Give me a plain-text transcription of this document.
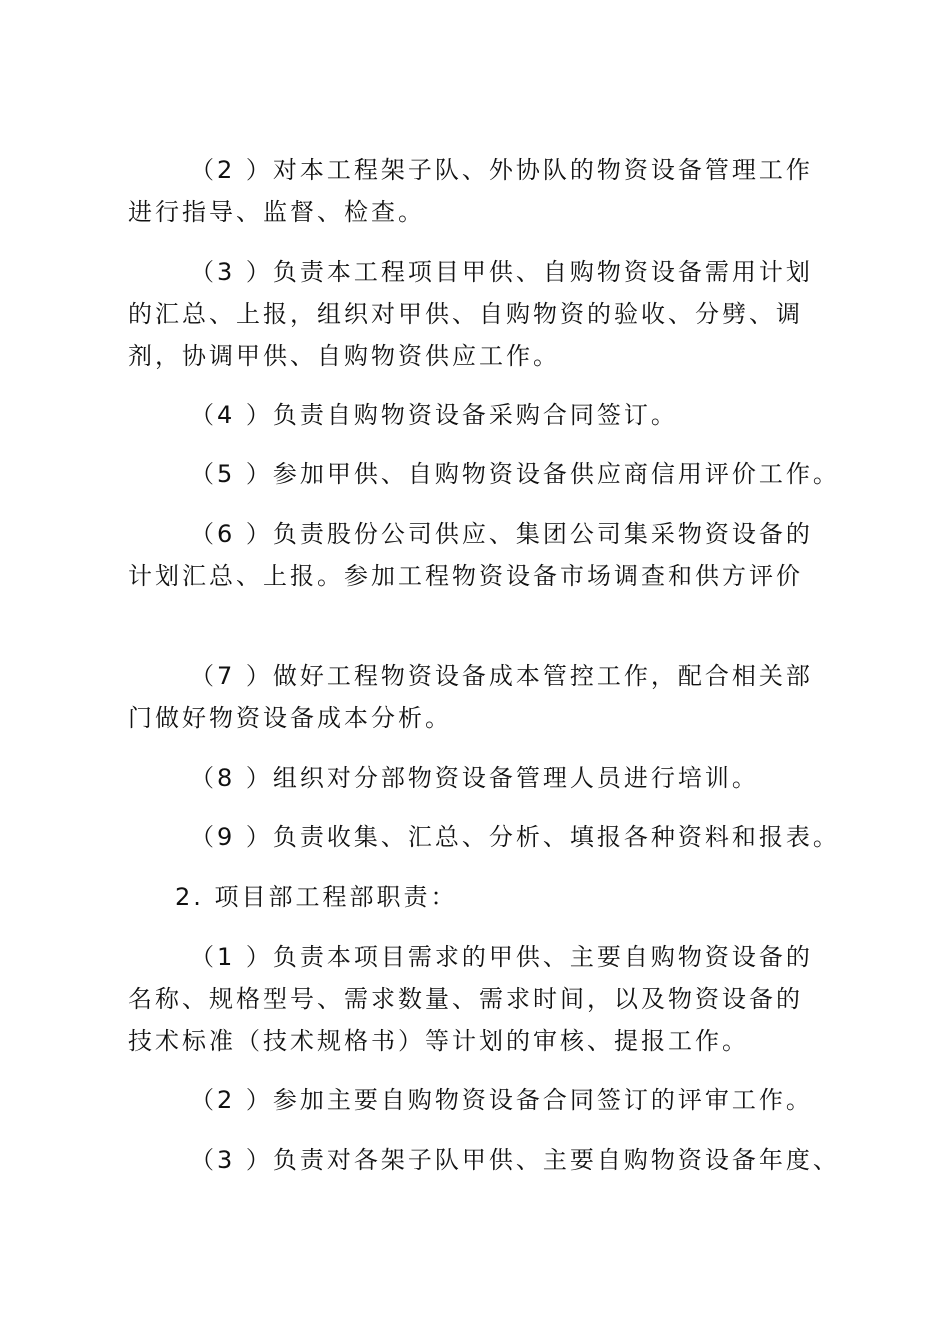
（2 ）对本工程架子队、外协队的物资设备管理工作
进行指导、监督、检查。
（3 ）负责本工程项目甲供、自购物资设备需用计划
的汇总、上报，组织对甲供、自购物资的验收、分劈、调
剂，协调甲供、自购物资供应工作。
（4 ）负责自购物资设备采购合同签订。
（5 ）参加甲供、自购物资设备供应商信用评价工作。
（6 ）负责股份公司供应、集团公司集采物资设备的
计划汇总、上报。参加工程物资设备市场调查和供方评价
（7 ）做好工程物资设备成本管控工作，配合相关部
门做好物资设备成本分析。
（8 ）组织对分部物资设备管理人员进行培训。
（9 ）负责收集、汇总、分析、填报各种资料和报表。
2. 项目部工程部职责：
（1 ）负责本项目需求的甲供、主要自购物资设备的
名称、规格型号、需求数量、需求时间，以及物资设备的
技术标准（技术规格书）等计划的审核、提报工作。
（2 ）参加主要自购物资设备合同签订的评审工作。
（3 ）负责对各架子队甲供、主要自购物资设备年度、
